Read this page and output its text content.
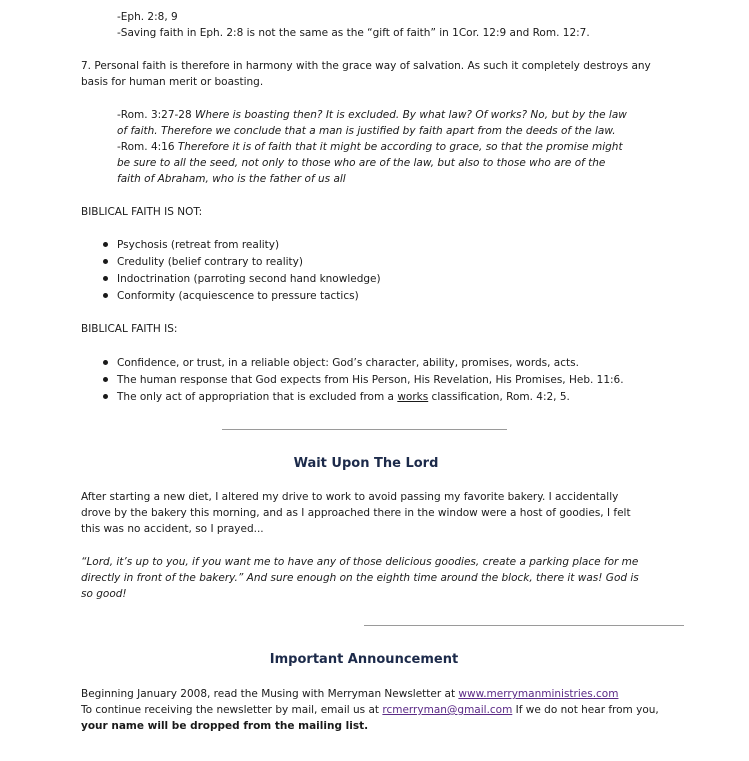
-Eph. 2:8, 9
-Saving faith in Eph. 2:8 is not the same as the “gift of faith” in 1Cor. 12:9 and Rom. 12:7.
7. Personal faith is therefore in harmony with the grace way of salvation. As such it completely destroys any basis for human merit or boasting.
-Rom. 3:27-28 Where is boasting then? It is excluded. By what law? Of works? No, but by the law of faith. Therefore we conclude that a man is justified by faith apart from the deeds of the law.
-Rom. 4:16 Therefore it is of faith that it might be according to grace, so that the promise might be sure to all the seed, not only to those who are of the law, but also to those who are of the faith of Abraham, who is the father of us all
BIBLICAL FAITH IS NOT:
Psychosis (retreat from reality)
Credulity (belief contrary to reality)
Indoctrination (parroting second hand knowledge)
Conformity (acquiescence to pressure tactics)
BIBLICAL FAITH IS:
Confidence, or trust, in a reliable object: God’s character, ability, promises, words, acts.
The human response that God expects from His Person, His Revelation, His Promises, Heb. 11:6.
The only act of appropriation that is excluded from a works classification, Rom. 4:2, 5.
Wait Upon The Lord
After starting a new diet, I altered my drive to work to avoid passing my favorite bakery. I accidentally drove by the bakery this morning, and as I approached there in the window were a host of goodies, I felt this was no accident, so I prayed...
“Lord, it’s up to you, if you want me to have any of those delicious goodies, create a parking place for me directly in front of the bakery.” And sure enough on the eighth time around the block, there it was! God is so good!
Important Announcement
Beginning January 2008, read the Musing with Merryman Newsletter at www.merrymanministries.com
To continue receiving the newsletter by mail, email us at rcmerryman@gmail.com If we do not hear from you,
your name will be dropped from the mailing list.
